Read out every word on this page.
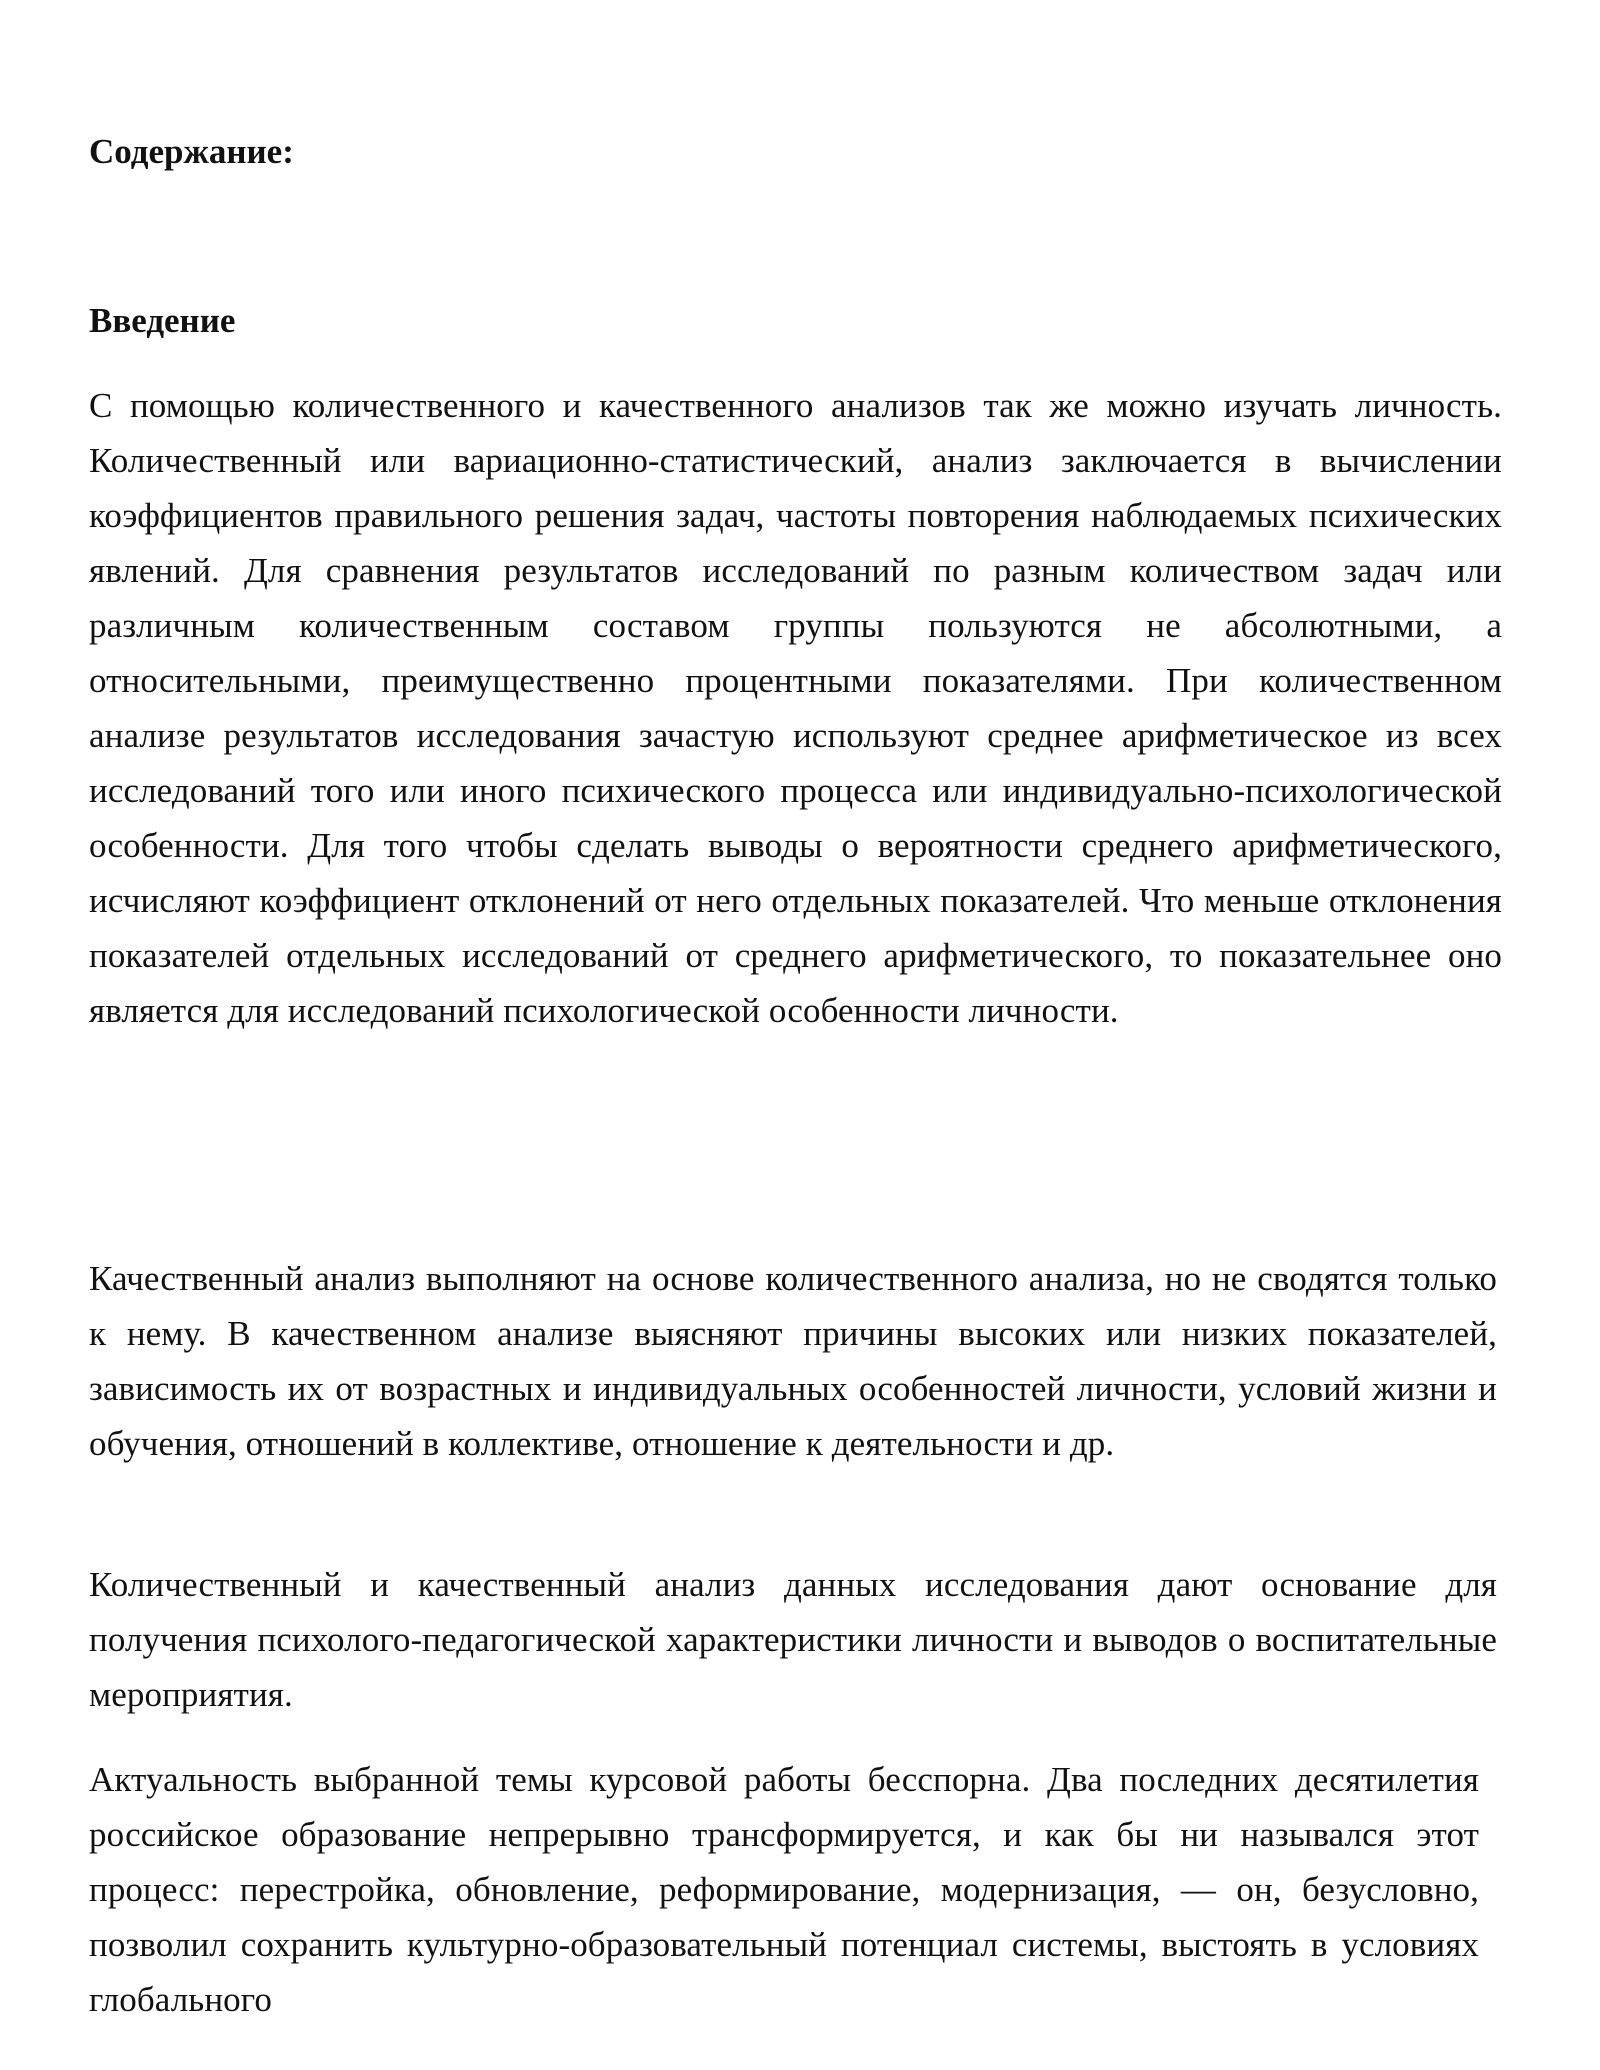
Содержание:
Введение

С помощью количественного и качественного анализов так же можно изучать личность. Количественный или вариационно-статистический, анализ заключается в вычислении коэффициентов правильного решения задач, частоты повторения наблюдаемых психических явлений. Для сравнения результатов исследований по разным количеством задач или различным количественным составом группы пользуются не абсолютными, а относительными, преимущественно процентными показателями. При количественном анализе результатов исследования зачастую используют среднее арифметическое из всех исследований того или иного психического процесса или индивидуально-психологической особенности. Для того чтобы сделать выводы о вероятности среднего арифметического, исчисляют коэффициент отклонений от него отдельных показателей. Что меньше отклонения показателей отдельных исследований от среднего арифметического, то показательнее оно является для исследований психологической особенности личности.

Качественный анализ выполняют на основе количественного анализа, но не сводятся только к нему. В качественном анализе выясняют причины высоких или низких показателей, зависимость их от возрастных и индивидуальных особенностей личности, условий жизни и обучения, отношений в коллективе, отношение к деятельности и др.

Количественный и качественный анализ данных исследования дают основание для получения психолого-педагогической характеристики личности и выводов о воспитательные мероприятия.

Актуальность выбранной темы курсовой работы бесспорна. Два последних десятилетия российское образование непрерывно трансформируется, и как бы ни назывался этот процесс: перестройка, обновление, реформирование, модернизация, — он, безусловно, позволил сохранить культурно-образовательный потенциал системы, выстоять в условиях глобального
